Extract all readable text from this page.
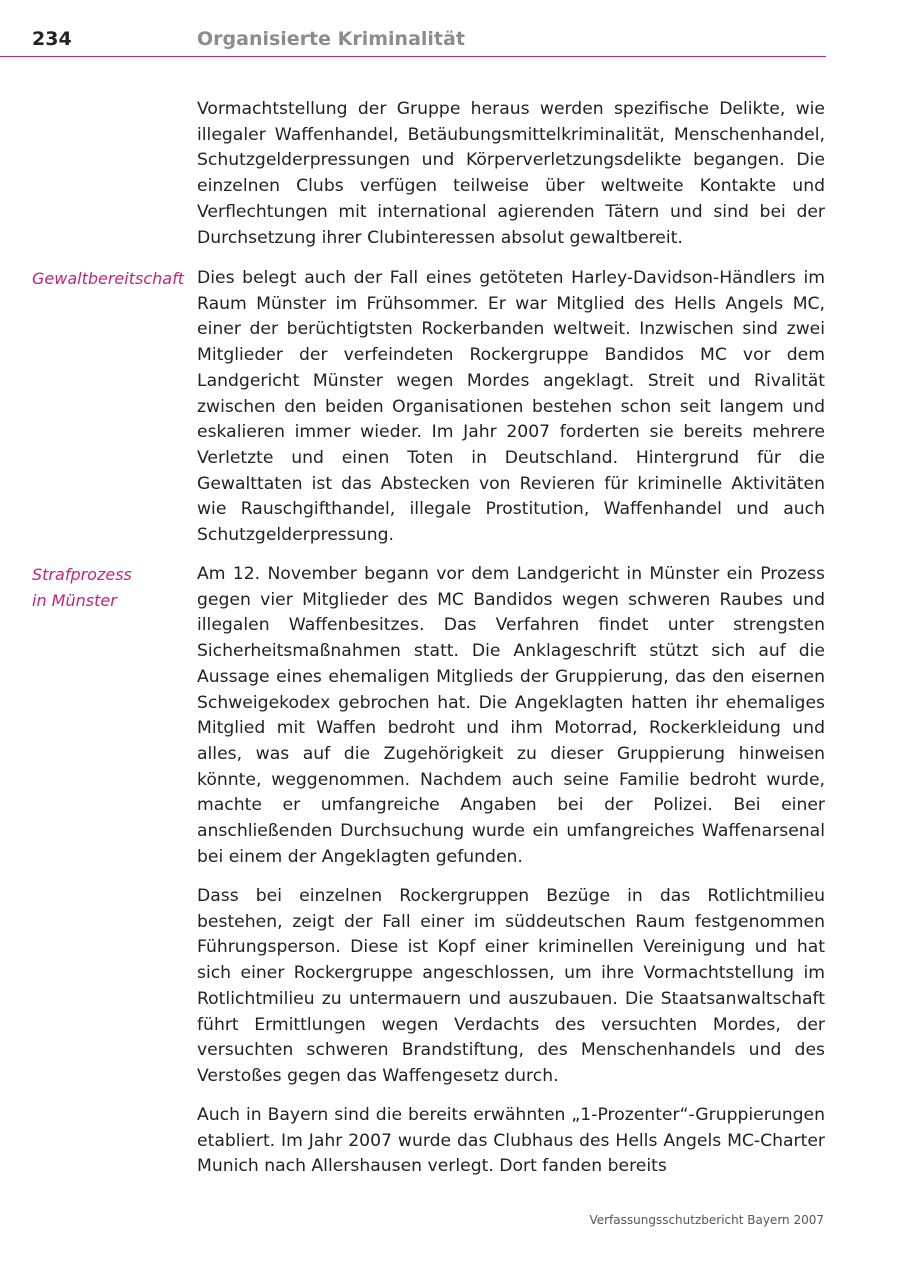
234	Organisierte Kriminalität
Vormachtstellung der Gruppe heraus werden spezifische Delikte, wie illegaler Waffenhandel, Betäubungsmittelkriminalität, Menschenhandel, Schutzgelderpressungen und Körperverletzungsdelikte begangen. Die einzelnen Clubs verfügen teilweise über weltweite Kontakte und Verflechtungen mit international agierenden Tätern und sind bei der Durchsetzung ihrer Clubinteressen absolut gewaltbereit.
Gewaltbereitschaft Dies belegt auch der Fall eines getöteten Harley-Davidson-Händlers im Raum Münster im Frühsommer. Er war Mitglied des Hells Angels MC, einer der berüchtigtsten Rockerbanden weltweit. Inzwischen sind zwei Mitglieder der verfeindeten Rockergruppe Bandidos MC vor dem Landgericht Münster wegen Mordes angeklagt. Streit und Rivalität zwischen den beiden Organisationen bestehen schon seit langem und eskalieren immer wieder. Im Jahr 2007 forderten sie bereits mehrere Verletzte und einen Toten in Deutschland. Hintergrund für die Gewalttaten ist das Abstecken von Revieren für kriminelle Aktivitäten wie Rauschgifthandel, illegale Prostitution, Waffenhandel und auch Schutzgelderpressung.
Strafprozess
in Münster
Am 12. November begann vor dem Landgericht in Münster ein Prozess gegen vier Mitglieder des MC Bandidos wegen schweren Raubes und illegalen Waffenbesitzes. Das Verfahren findet unter strengsten Sicherheitsmaßnahmen statt. Die Anklageschrift stützt sich auf die Aussage eines ehemaligen Mitglieds der Gruppierung, das den eisernen Schweigekodex gebrochen hat. Die Angeklagten hatten ihr ehemaliges Mitglied mit Waffen bedroht und ihm Motorrad, Rockerkleidung und alles, was auf die Zugehörigkeit zu dieser Gruppierung hinweisen könnte, weggenommen. Nachdem auch seine Familie bedroht wurde, machte er umfangreiche Angaben bei der Polizei. Bei einer anschließenden Durchsuchung wurde ein umfangreiches Waffenarsenal bei einem der Angeklagten gefunden.
Dass bei einzelnen Rockergruppen Bezüge in das Rotlichtmilieu bestehen, zeigt der Fall einer im süddeutschen Raum festgenommen Führungsperson. Diese ist Kopf einer kriminellen Vereinigung und hat sich einer Rockergruppe angeschlossen, um ihre Vormachtstellung im Rotlichtmilieu zu untermauern und auszubauen. Die Staatsanwaltschaft führt Ermittlungen wegen Verdachts des versuchten Mordes, der versuchten schweren Brandstiftung, des Menschenhandels und des Verstoßes gegen das Waffengesetz durch.
Auch in Bayern sind die bereits erwähnten „1-Prozenter“-Gruppierungen etabliert. Im Jahr 2007 wurde das Clubhaus des Hells Angels MC-Charter Munich nach Allershausen verlegt. Dort fanden bereits
Verfassungsschutzbericht Bayern 2007
